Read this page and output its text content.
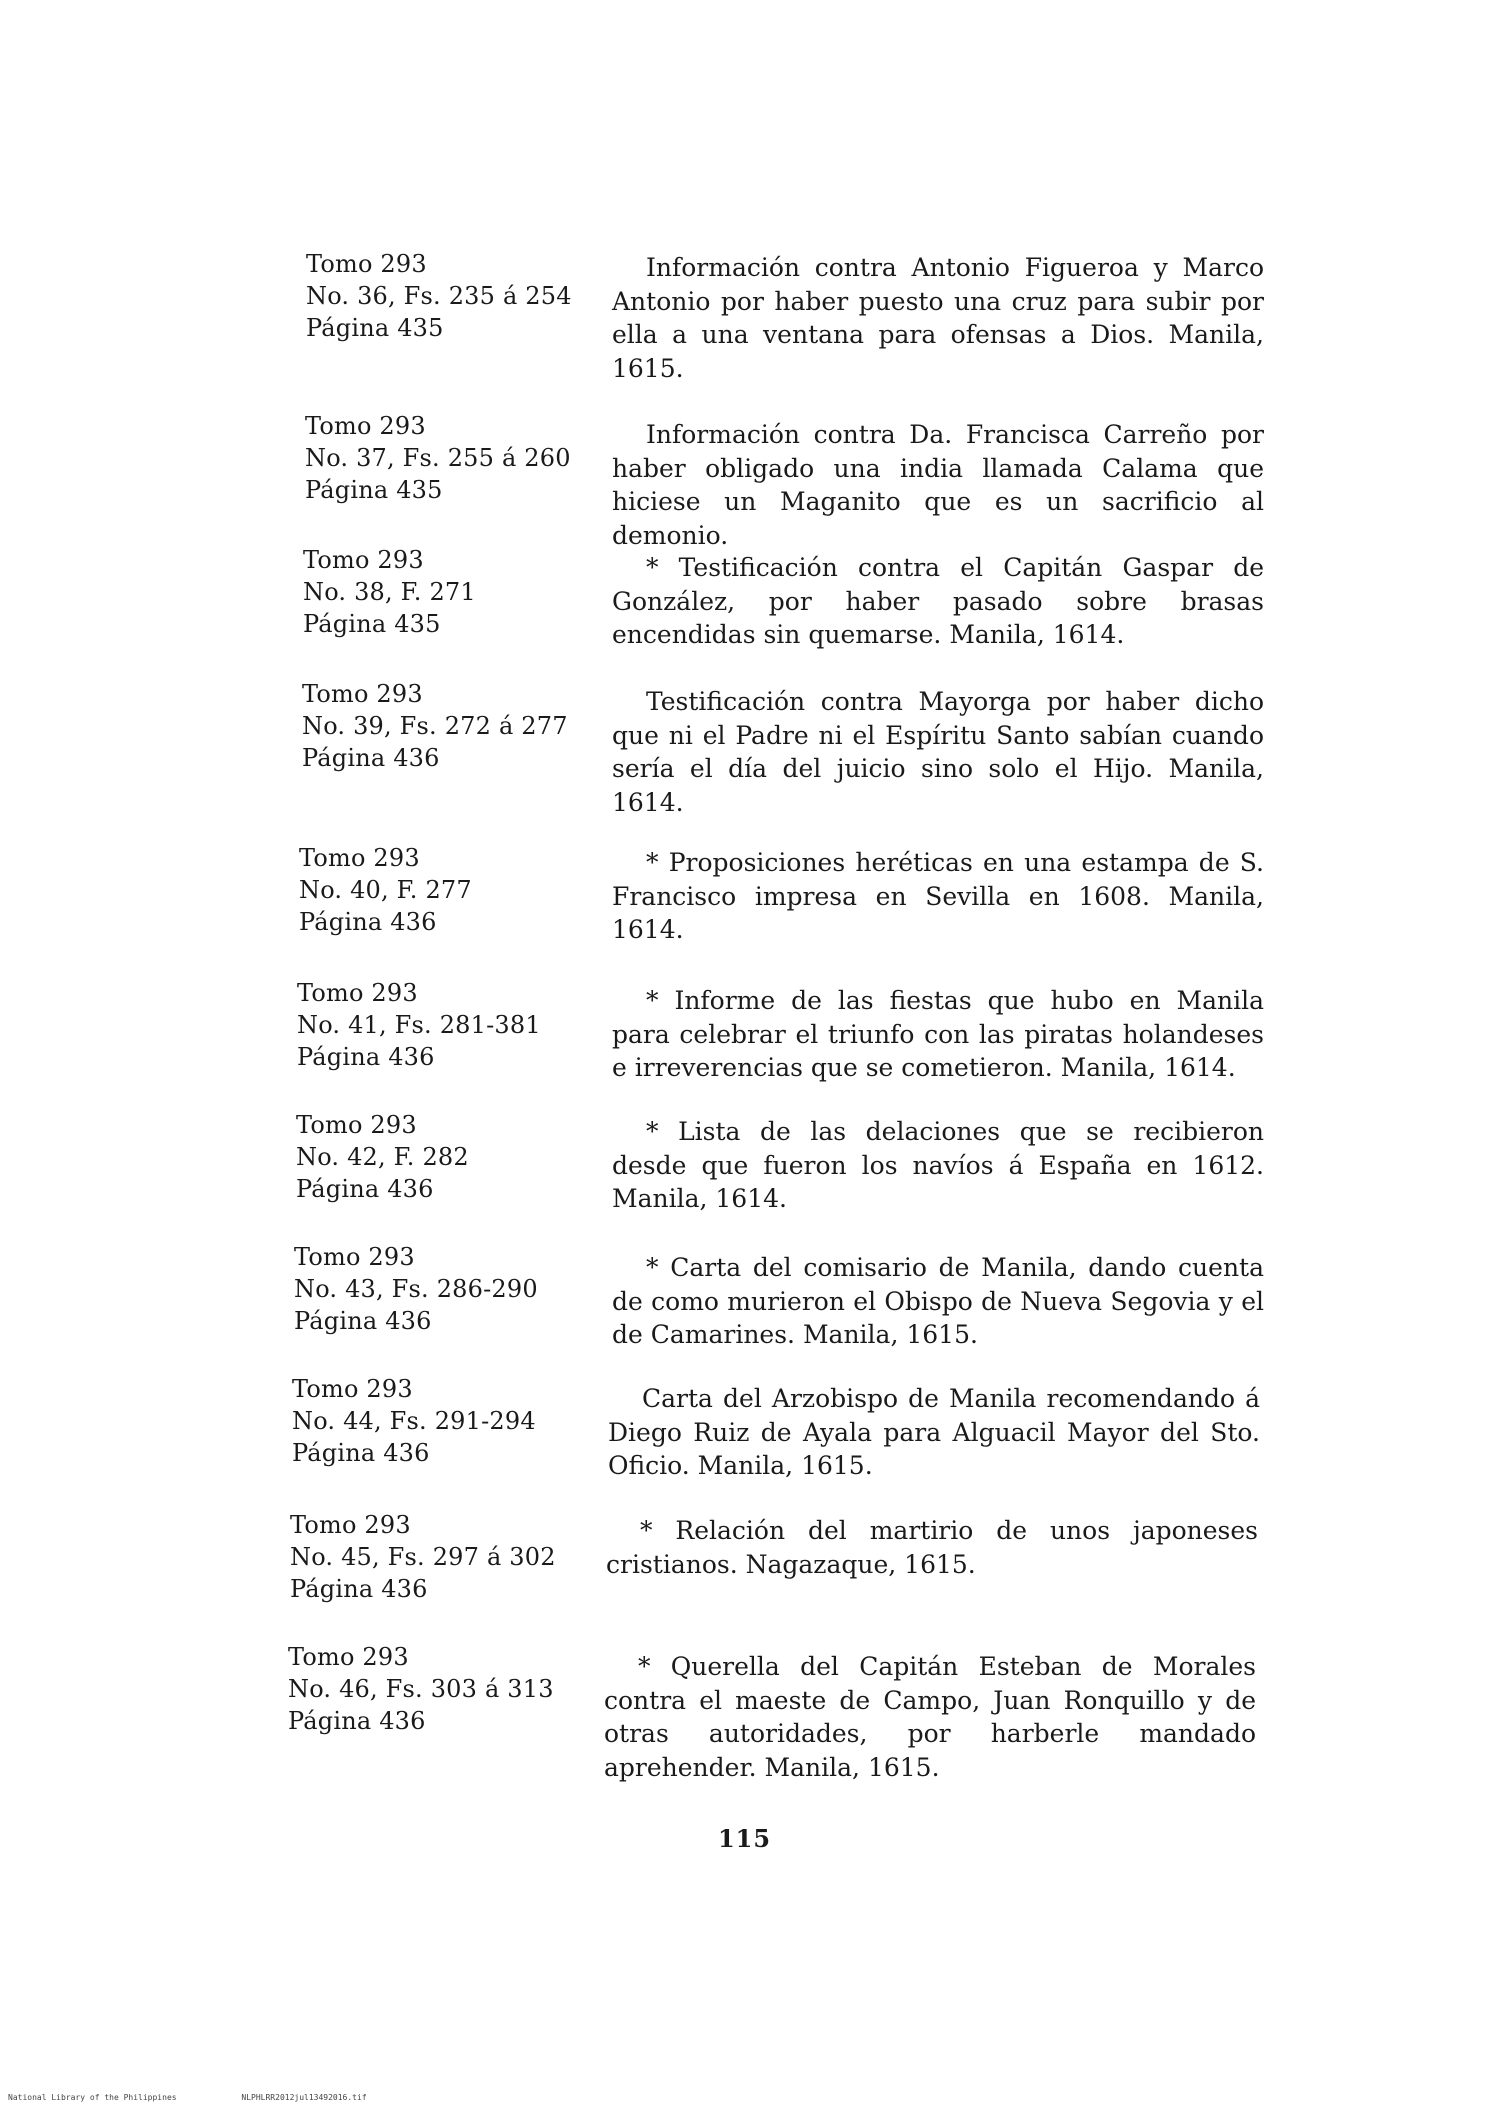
Tomo 293
No. 36, Fs. 235 á 254
Página 435
Información contra Antonio Figueroa y Marco Antonio por haber puesto una cruz para subir por ella a una ventana para ofensas a Dios. Manila, 1615.
Tomo 293
No. 37, Fs. 255 á 260
Página 435
Información contra Da. Francisca Carreño por haber obligado una india llamada Calama que hiciese un Maganito que es un sacrificio al demonio.
Tomo 293
No. 38, F. 271
Página 435
* Testificación contra el Capitán Gaspar de González, por haber pasado sobre brasas encendidas sin quemarse. Manila, 1614.
Tomo 293
No. 39, Fs. 272 á 277
Página 436
Testificación contra Mayorga por haber dicho que ni el Padre ni el Espíritu Santo sabían cuando sería el día del juicio sino solo el Hijo. Manila, 1614.
Tomo 293
No. 40, F. 277
Página 436
* Proposiciones heréticas en una estampa de S. Francisco impresa en Sevilla en 1608. Manila, 1614.
Tomo 293
No. 41, Fs. 281-381
Página 436
* Informe de las fiestas que hubo en Manila para celebrar el triunfo con las piratas holandeses e irreverencias que se cometieron. Manila, 1614.
Tomo 293
No. 42, F. 282
Página 436
* Lista de las delaciones que se recibieron desde que fueron los navíos á España en 1612. Manila, 1614.
Tomo 293
No. 43, Fs. 286-290
Página 436
* Carta del comisario de Manila, dando cuenta de como murieron el Obispo de Nueva Segovia y el de Camarines. Manila, 1615.
Tomo 293
No. 44, Fs. 291-294
Página 436
Carta del Arzobispo de Manila recomendando á Diego Ruiz de Ayala para Alguacil Mayor del Sto. Oficio. Manila, 1615.
Tomo 293
No. 45, Fs. 297 á 302
Página 436
* Relación del martirio de unos japoneses cristianos. Nagazaque, 1615.
Tomo 293
No. 46, Fs. 303 á 313
Página 436
* Querella del Capitán Esteban de Morales contra el maeste de Campo, Juan Ronquillo y de otras autoridades, por harberle mandado aprehender. Manila, 1615.
115
National Library of the Philippines	NLPHLRR2012jul13492016.tif
